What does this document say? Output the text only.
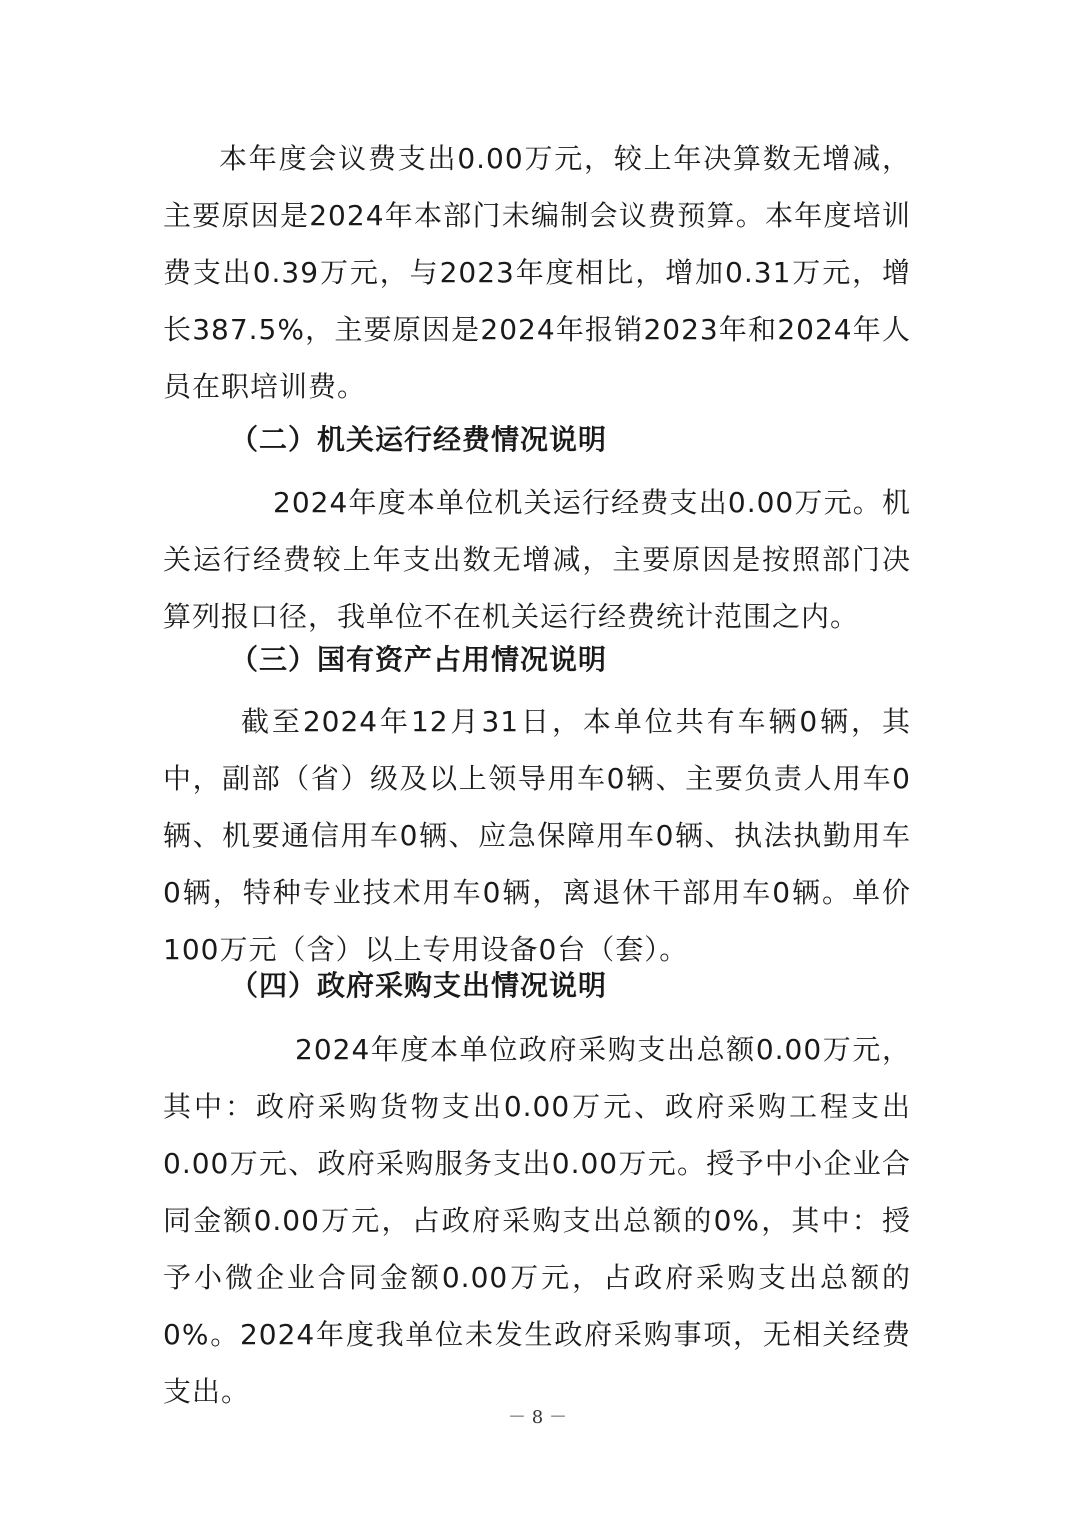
本年度会议费支出0.00万元，较上年决算数无增减，主要原因是2024年本部门未编制会议费预算。本年度培训费支出0.39万元，与2023年度相比，增加0.31万元，增长387.5%，主要原因是2024年报销2023年和2024年人员在职培训费。

（二）机关运行经费情况说明

2024年度本单位机关运行经费支出0.00万元。机关运行经费较上年支出数无增减，主要原因是按照部门决算列报口径，我单位不在机关运行经费统计范围之内。

（三）国有资产占用情况说明

截至2024年12月31日，本单位共有车辆0辆，其中，副部（省）级及以上领导用车0辆、主要负责人用车0辆、机要通信用车0辆、应急保障用车0辆、执法执勤用车0辆，特种专业技术用车0辆，离退休干部用车0辆。单价100万元（含）以上专用设备0台（套）。

（四）政府采购支出情况说明

2024年度本单位政府采购支出总额0.00万元，其中：政府采购货物支出0.00万元、政府采购工程支出0.00万元、政府采购服务支出0.00万元。授予中小企业合同金额0.00万元，占政府采购支出总额的0%，其中：授予小微企业合同金额0.00万元，占政府采购支出总额的0%。2024年度我单位未发生政府采购事项，无相关经费支出。

－ 8 －
